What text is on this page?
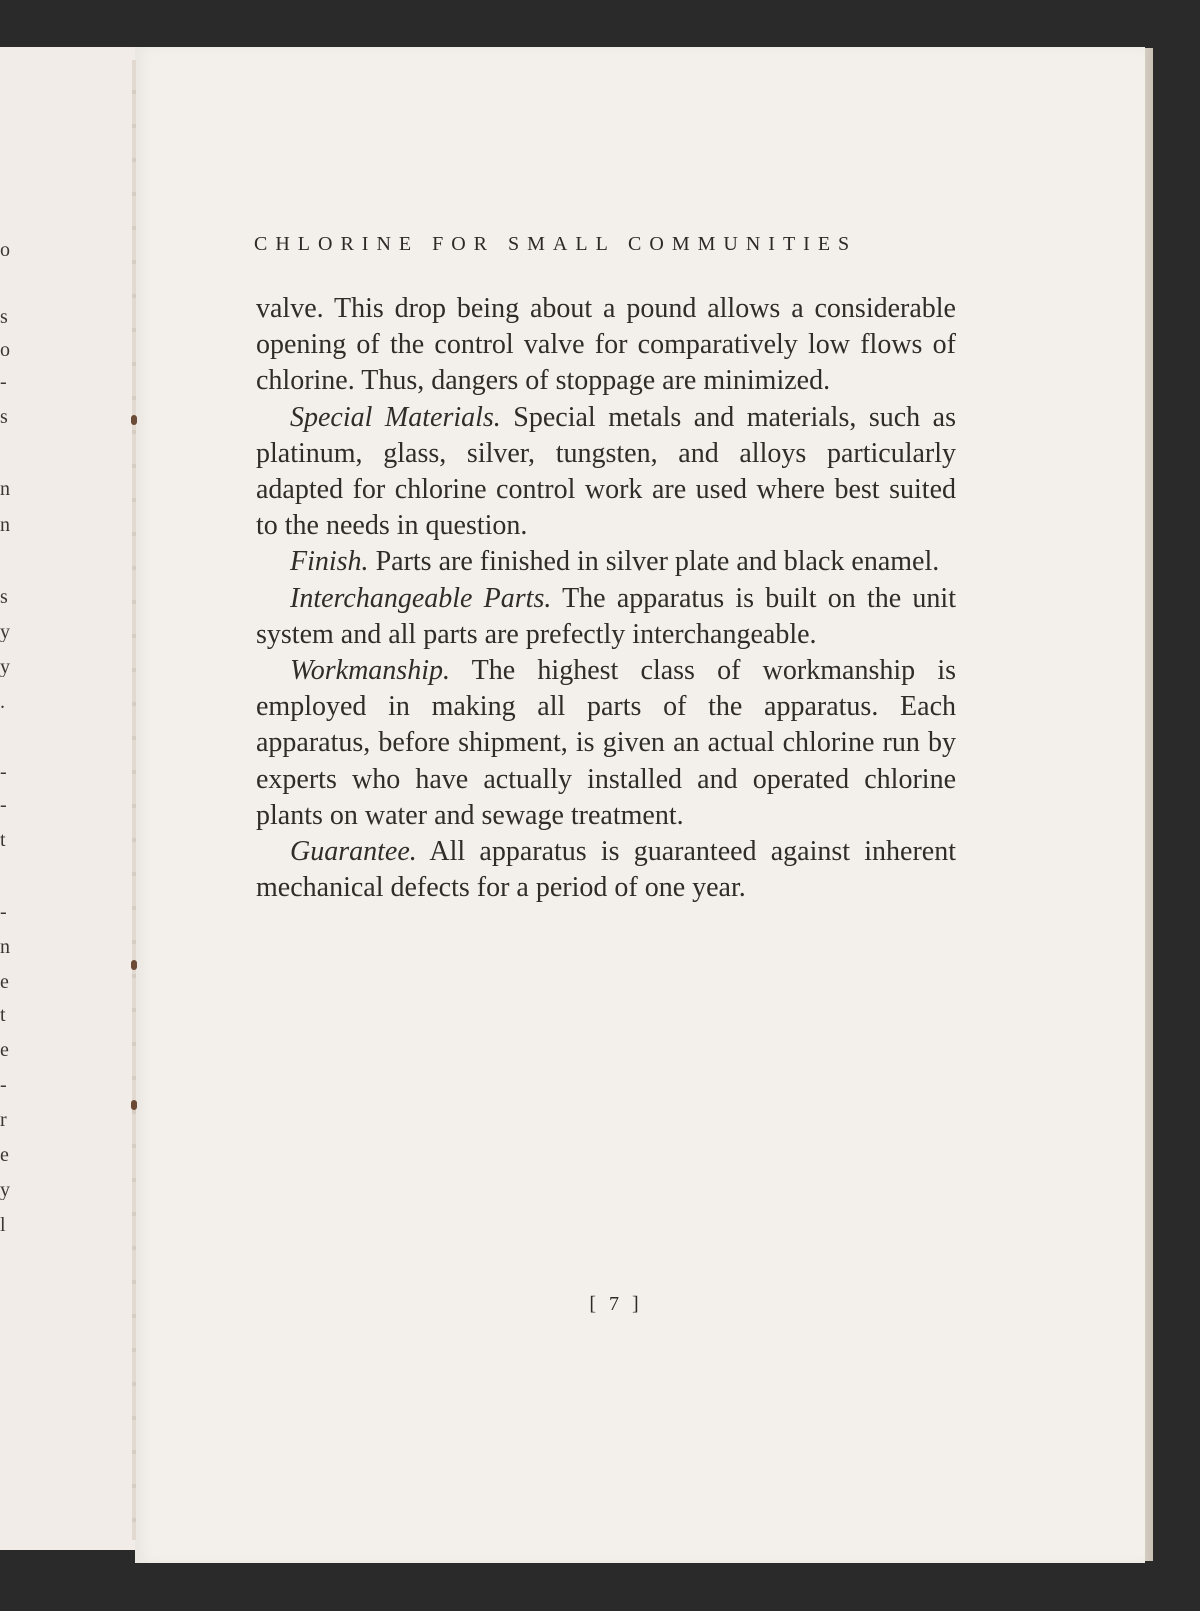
o
s
o
-
s
n
n
s
y
y
.
-
-
t
-
n
e
t
e
-
r
e
y
l
CHLORINE FOR SMALL COMMUNITIES

valve. This drop being about a pound allows a considerable opening of the control valve for comparatively low flows of chlorine. Thus, dangers of stoppage are minimized.

Special Materials. Special metals and materials, such as platinum, glass, silver, tungsten, and alloys particularly adapted for chlorine control work are used where best suited to the needs in question.

Finish. Parts are finished in silver plate and black enamel.

Interchangeable Parts. The apparatus is built on the unit system and all parts are prefectly interchangeable.

Workmanship. The highest class of workmanship is employed in making all parts of the apparatus. Each apparatus, before shipment, is given an actual chlorine run by experts who have actually installed and operated chlorine plants on water and sewage treatment.

Guarantee. All apparatus is guaranteed against inherent mechanical defects for a period of one year.

[ 7 ]
